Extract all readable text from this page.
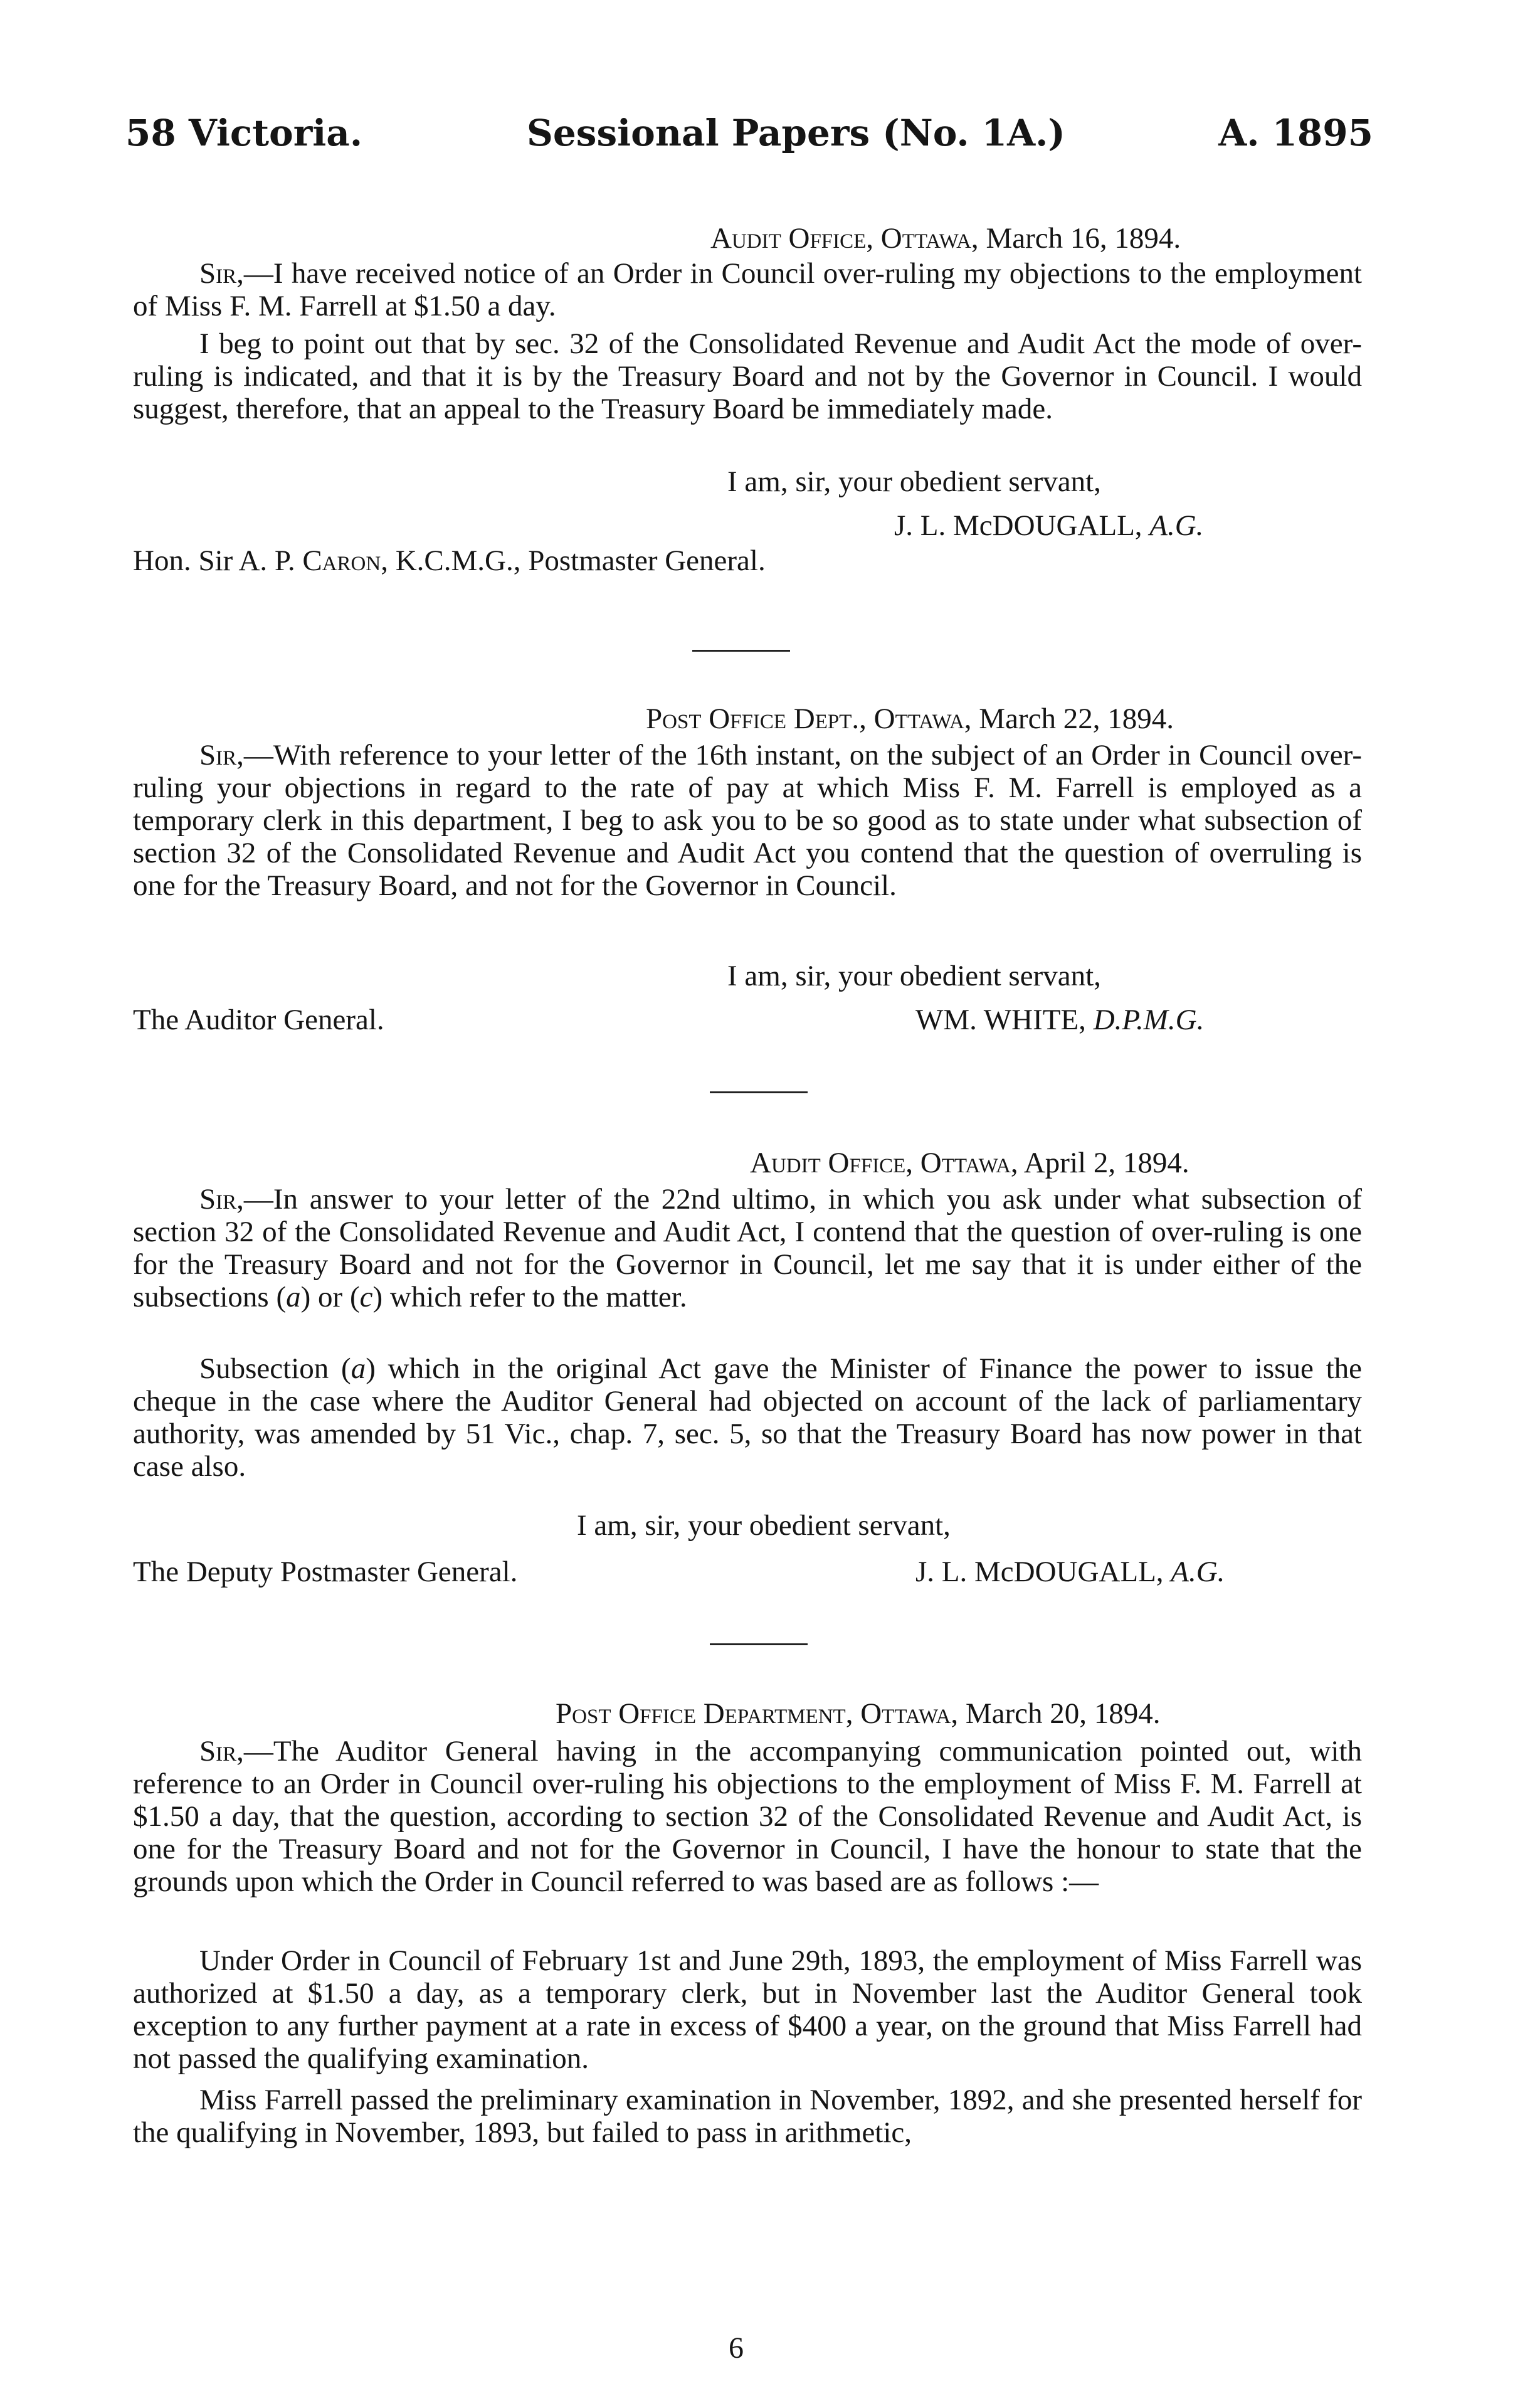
58 Victoria.	Sessional Papers (No. 1A.)	A. 1895
Audit Office, Ottawa, March 16, 1894.

Sir,—I have received notice of an Order in Council over-ruling my objections to the employment of Miss F. M. Farrell at $1.50 a day.

I beg to point out that by sec. 32 of the Consolidated Revenue and Audit Act the mode of over-ruling is indicated, and that it is by the Treasury Board and not by the Governor in Council. I would suggest, therefore, that an appeal to the Treasury Board be immediately made.

I am, sir, your obedient servant,
J. L. McDOUGALL, A.G.
Hon. Sir A. P. Caron, K.C.M.G., Postmaster General.
Post Office Dept., Ottawa, March 22, 1894.

Sir,—With reference to your letter of the 16th instant, on the subject of an Order in Council over-ruling your objections in regard to the rate of pay at which Miss F. M. Farrell is employed as a temporary clerk in this department, I beg to ask you to be so good as to state under what subsection of section 32 of the Consolidated Revenue and Audit Act you contend that the question of overruling is one for the Treasury Board, and not for the Governor in Council.

I am, sir, your obedient servant,
The Auditor General.	WM. WHITE, D.P.M.G.
Audit Office, Ottawa, April 2, 1894.

Sir,—In answer to your letter of the 22nd ultimo, in which you ask under what subsection of section 32 of the Consolidated Revenue and Audit Act, I contend that the question of over-ruling is one for the Treasury Board and not for the Governor in Council, let me say that it is under either of the subsections (a) or (c) which refer to the matter.

Subsection (a) which in the original Act gave the Minister of Finance the power to issue the cheque in the case where the Auditor General had objected on account of the lack of parliamentary authority, was amended by 51 Vic., chap. 7, sec. 5, so that the Treasury Board has now power in that case also.

I am, sir, your obedient servant,
The Deputy Postmaster General.	J. L. McDOUGALL, A.G.
Post Office Department, Ottawa, March 20, 1894.

Sir,—The Auditor General having in the accompanying communication pointed out, with reference to an Order in Council over-ruling his objections to the employment of Miss F. M. Farrell at $1.50 a day, that the question, according to section 32 of the Consolidated Revenue and Audit Act, is one for the Treasury Board and not for the Governor in Council, I have the honour to state that the grounds upon which the Order in Council referred to was based are as follows :—

Under Order in Council of February 1st and June 29th, 1893, the employment of Miss Farrell was authorized at $1.50 a day, as a temporary clerk, but in November last the Auditor General took exception to any further payment at a rate in excess of $400 a year, on the ground that Miss Farrell had not passed the qualifying examination.

Miss Farrell passed the preliminary examination in November, 1892, and she presented herself for the qualifying in November, 1893, but failed to pass in arithmetic,

6
